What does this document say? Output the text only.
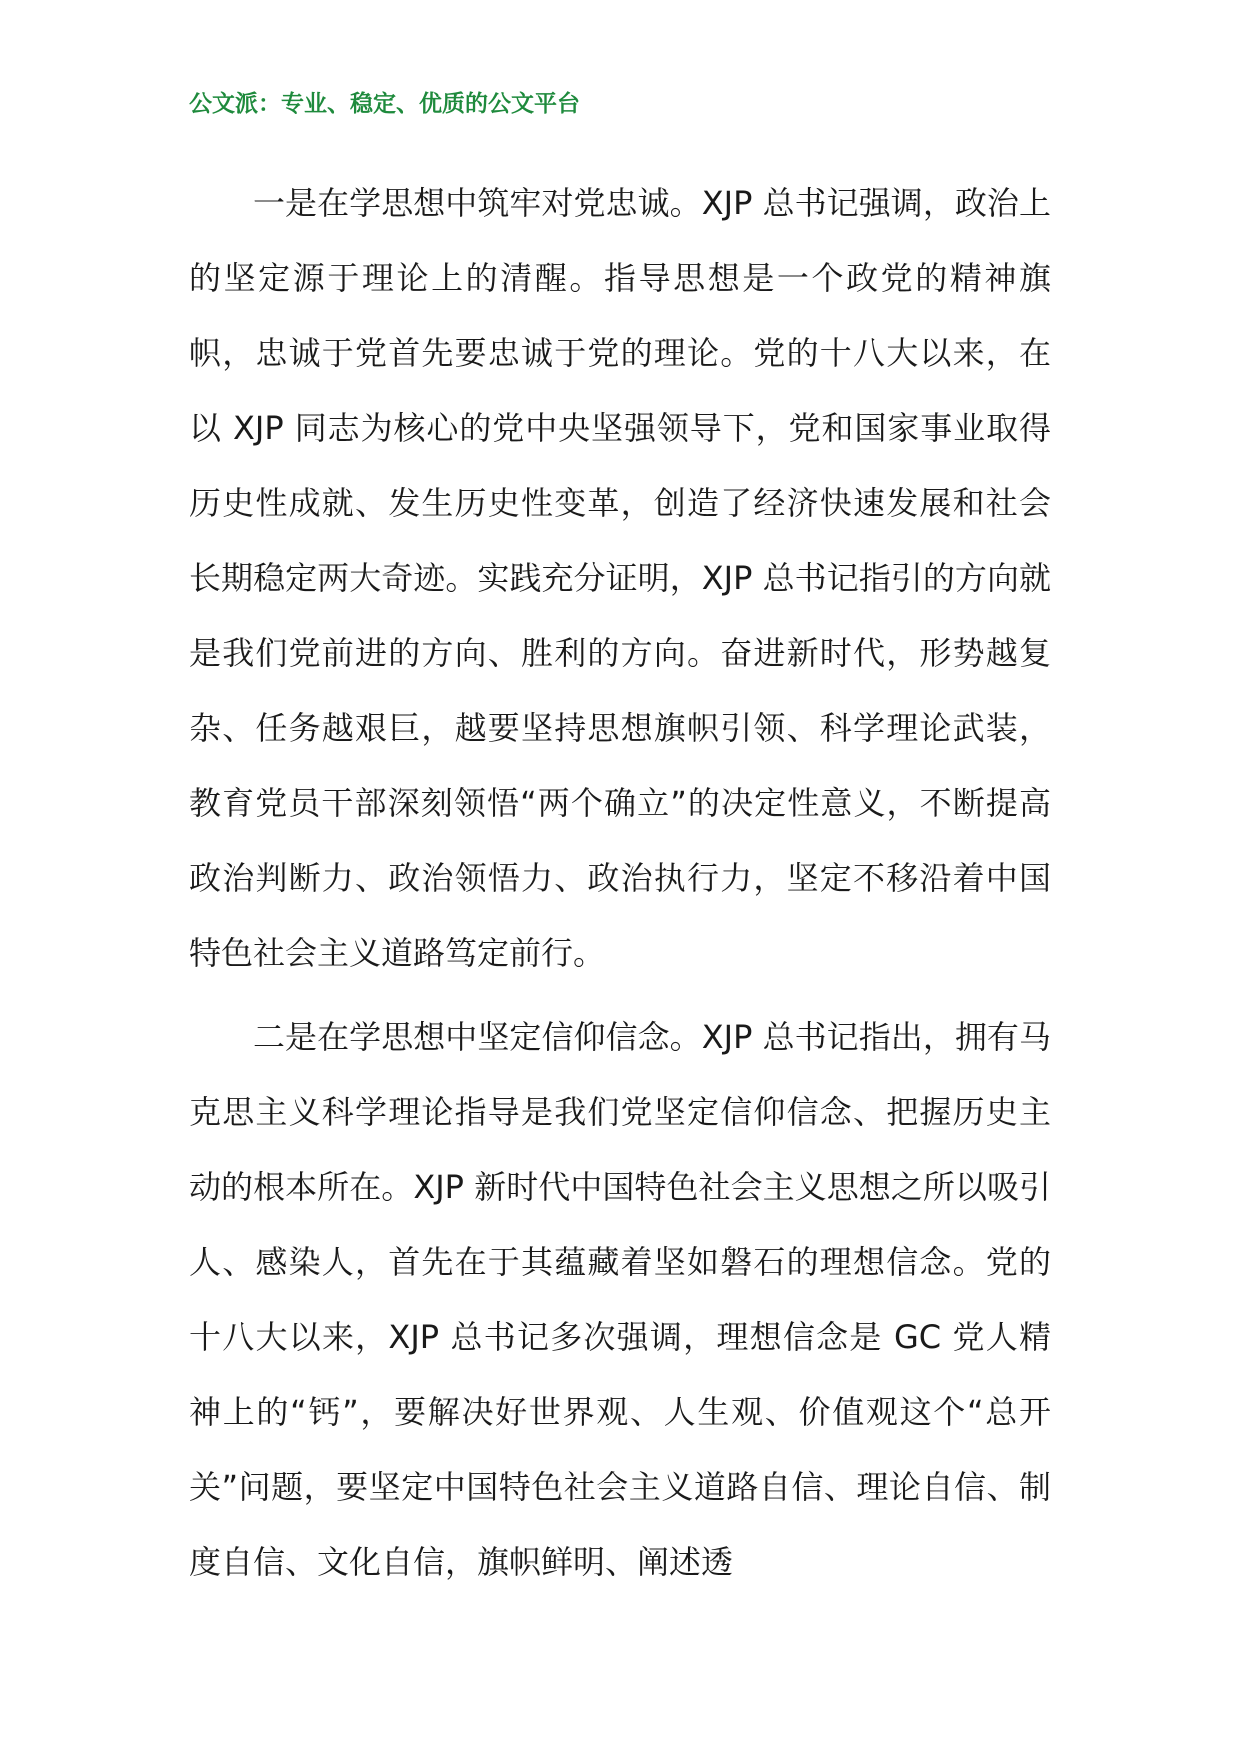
公文派：专业、稳定、优质的公文平台

一是在学思想中筑牢对党忠诚。XJP 总书记强调，政治上的坚定源于理论上的清醒。指导思想是一个政党的精神旗帜，忠诚于党首先要忠诚于党的理论。党的十八大以来，在以 XJP 同志为核心的党中央坚强领导下，党和国家事业取得历史性成就、发生历史性变革，创造了经济快速发展和社会长期稳定两大奇迹。实践充分证明，XJP 总书记指引的方向就是我们党前进的方向、胜利的方向。奋进新时代，形势越复杂、任务越艰巨，越要坚持思想旗帜引领、科学理论武装，教育党员干部深刻领悟“两个确立”的决定性意义，不断提高政治判断力、政治领悟力、政治执行力，坚定不移沿着中国特色社会主义道路笃定前行。

二是在学思想中坚定信仰信念。XJP 总书记指出，拥有马克思主义科学理论指导是我们党坚定信仰信念、把握历史主动的根本所在。XJP 新时代中国特色社会主义思想之所以吸引人、感染人，首先在于其蕴藏着坚如磐石的理想信念。党的十八大以来，XJP 总书记多次强调，理想信念是 GC 党人精神上的“钙”，要解决好世界观、人生观、价值观这个“总开关”问题，要坚定中国特色社会主义道路自信、理论自信、制度自信、文化自信，旗帜鲜明、阐述透
